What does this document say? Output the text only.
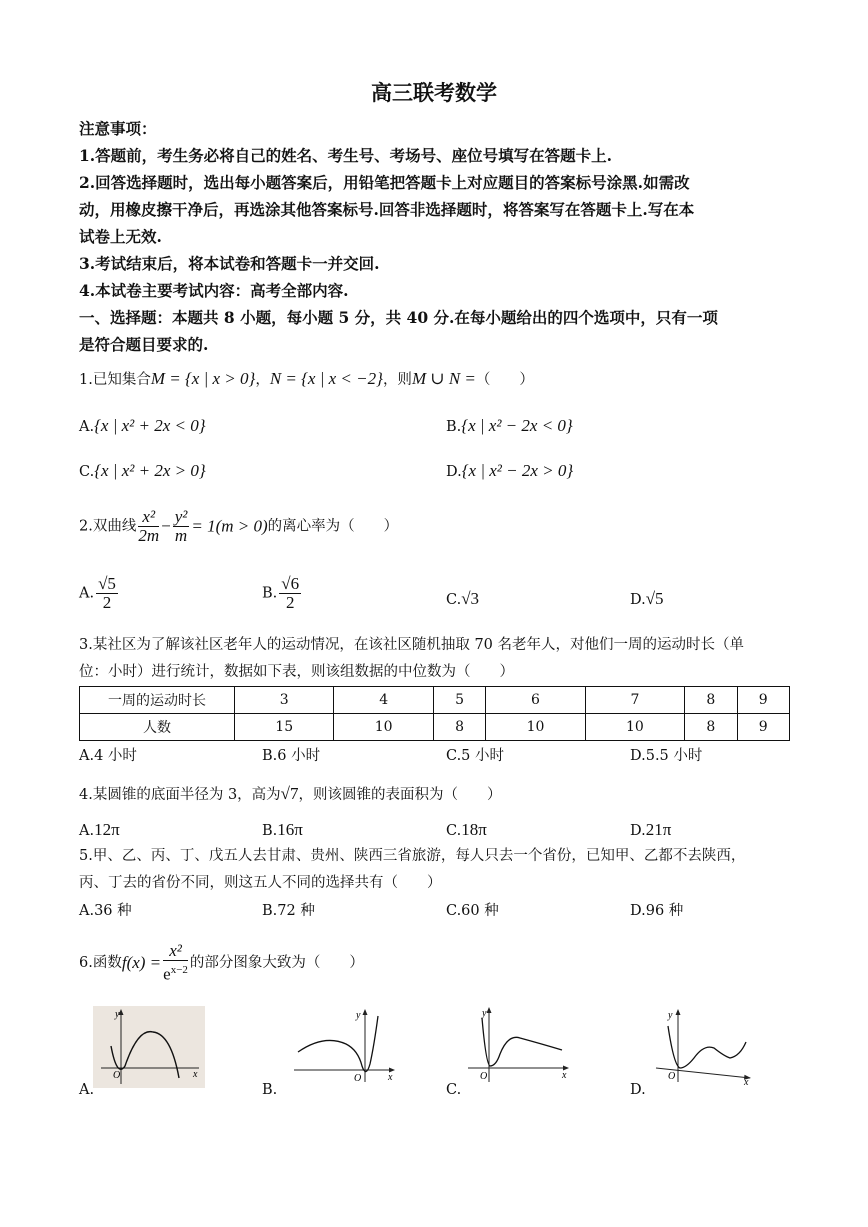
高三联考数学
注意事项：
1.答题前，考生务必将自己的姓名、考生号、考场号、座位号填写在答题卡上.
2.回答选择题时，选出每小题答案后，用铅笔把答题卡上对应题目的答案标号涂黑.如需改
动，用橡皮擦干净后，再选涂其他答案标号.回答非选择题时，将答案写在答题卡上.写在本
试卷上无效.
3.考试结束后，将本试卷和答题卡一并交回.
4.本试卷主要考试内容：高考全部内容.
一、选择题：本题共 8 小题，每小题 5 分，共 40 分.在每小题给出的四个选项中，只有一项
是符合题目要求的.
1.已知集合M = {x | x > 0}，N = {x | x < −2}，则M ∪ N =（　　）
A.{x | x² + 2x < 0}	B.{x | x² − 2x < 0}
C.{x | x² + 2x > 0}	D.{x | x² − 2x > 0}
2.双曲线 $\frac{\text{x²}}{2m} - \frac{\text{y²}}{m} = 1(m > 0)$的离心率为（　　）
A. $\frac{√5}{2}$	B. $\frac{√6}{2}$	C.√3	D.√5
3.某社区为了解该社区老年人的运动情况，在该社区随机抽取 70 名老年人，对他们一周的运动时长（单
位：小时）进行统计，数据如下表，则该组数据的中位数为（　　）
一周的运动时长	3	4	5	6	7	8	9
人数	15	10	8	10	10	8	9
A.4 小时	B.6 小时	C.5 小时	D.5.5 小时
4.某圆锥的底面半径为 3，高为√7，则该圆锥的表面积为（　　）
A.12π	B.16π	C.18π	D.21π
5.甲、乙、丙、丁、戊五人去甘肃、贵州、陕西三省旅游，每人只去一个省份，已知甲、乙都不去陕西，
丙、丁去的省份不同，则这五人不同的选择共有（　　）
A.36 种	B.72 种	C.60 种	D.96 种
6.函数$f(x) = \frac{\text{x²}}{e^{x-2}}$ 的部分图象大致为（　　）
y
O	x
A.
y
O	x
B.
y
O	x
C.
y
O
x
D.
